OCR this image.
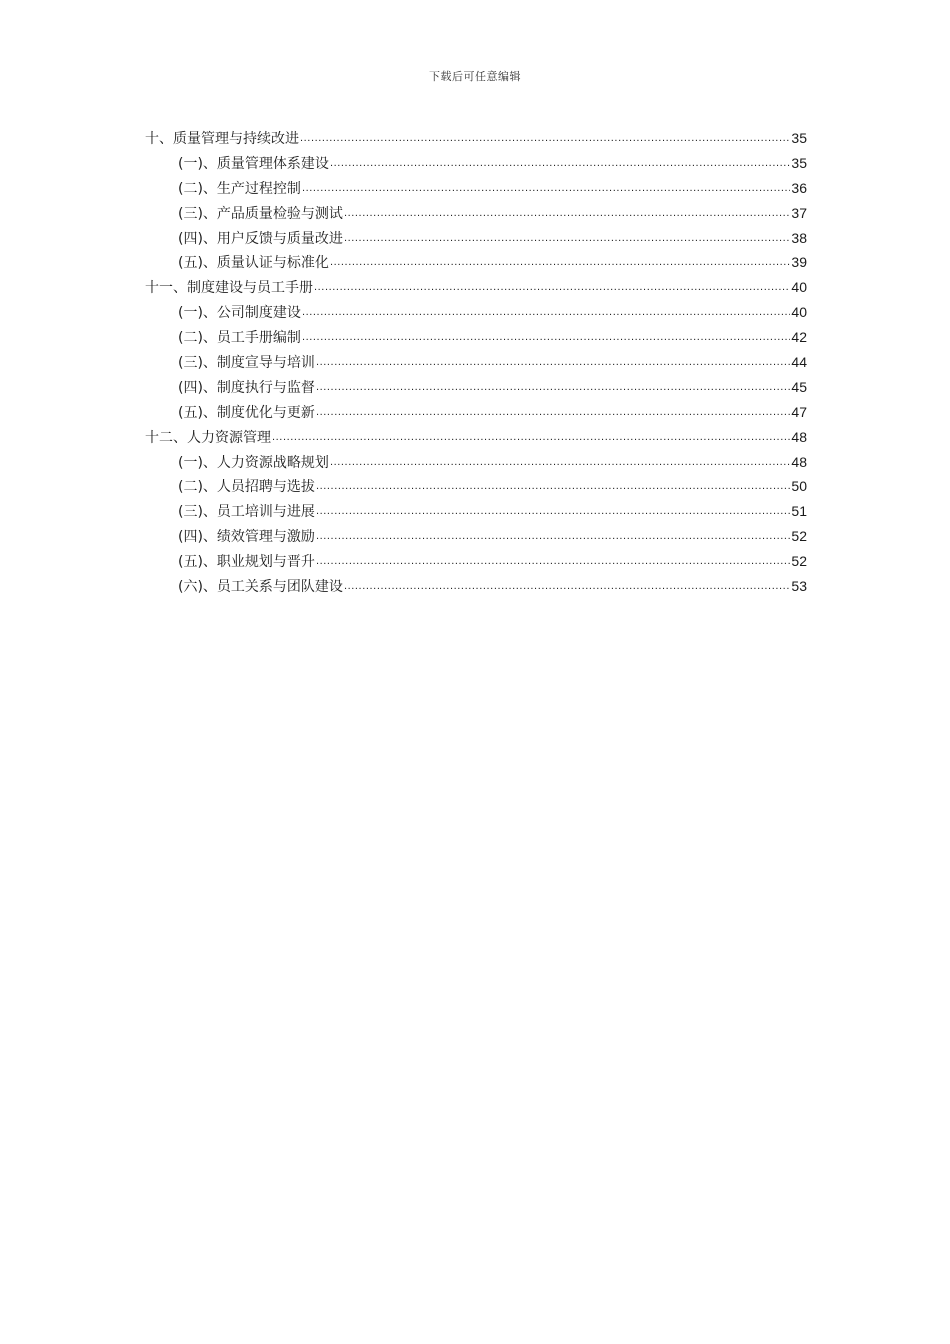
下载后可任意编辑
十、质量管理与持续改进 .....	35
(一)、质量管理体系建设 .....	35
(二)、生产过程控制 .....	36
(三)、产品质量检验与测试 .....	37
(四)、用户反馈与质量改进 .....	38
(五)、质量认证与标准化 .....	39
十一、制度建设与员工手册 .....	40
(一)、公司制度建设 .....	40
(二)、员工手册编制 .....	42
(三)、制度宣导与培训 .....	44
(四)、制度执行与监督 .....	45
(五)、制度优化与更新 .....	47
十二、人力资源管理 .....	48
(一)、人力资源战略规划 .....	48
(二)、人员招聘与选拔 .....	50
(三)、员工培训与进展 .....	51
(四)、绩效管理与激励 .....	52
(五)、职业规划与晋升 .....	52
(六)、员工关系与团队建设 .....	53
